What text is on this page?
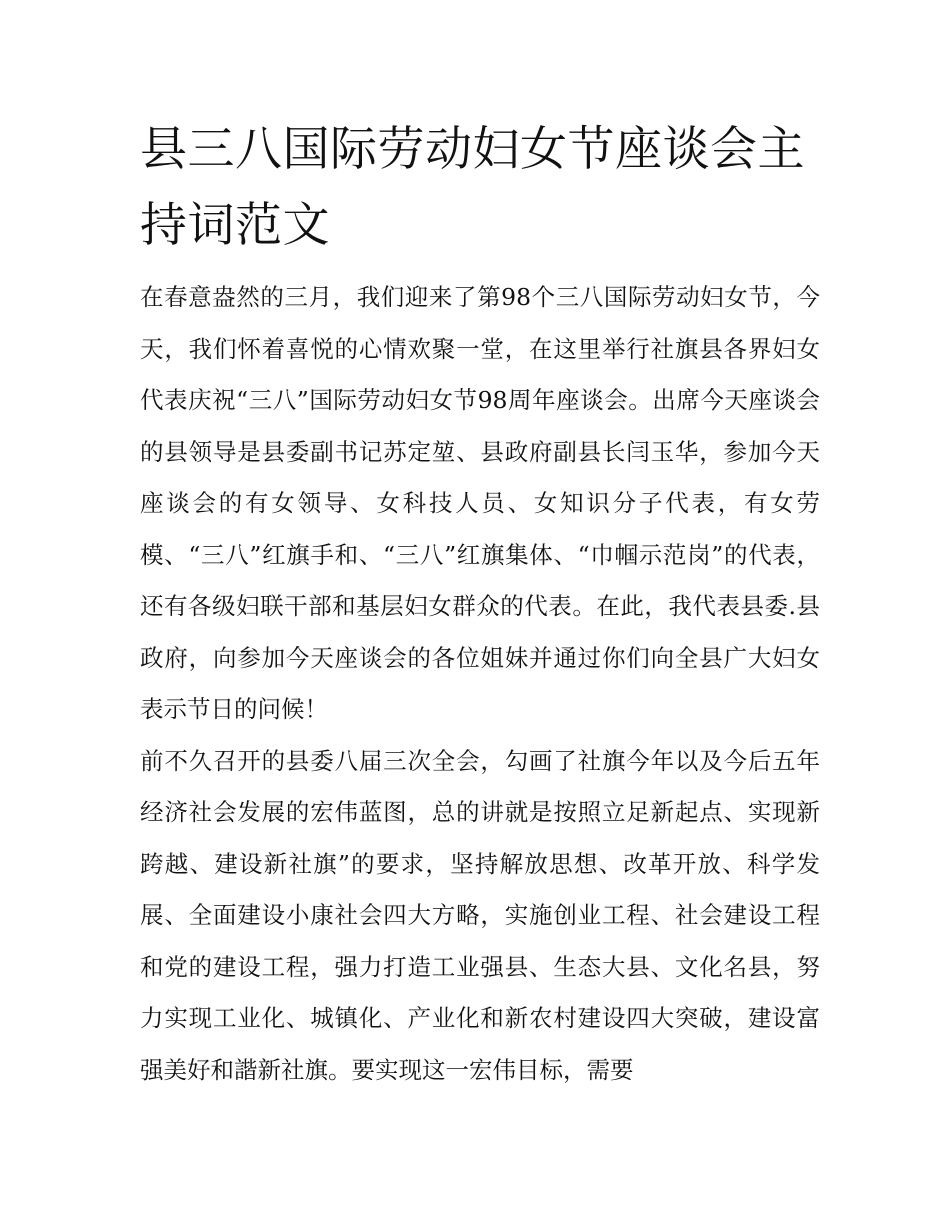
县三八国际劳动妇女节座谈会主持词范文

在春意盎然的三月，我们迎来了第98个三八国际劳动妇女节，今天，我们怀着喜悦的心情欢聚一堂，在这里举行社旗县各界妇女代表庆祝“三八”国际劳动妇女节98周年座谈会。出席今天座谈会的县领导是县委副书记苏定堃、县政府副县长闫玉华，参加今天座谈会的有女领导、女科技人员、女知识分子代表，有女劳模、“三八”红旗手和、“三八”红旗集体、“巾帼示范岗”的代表，还有各级妇联干部和基层妇女群众的代表。在此，我代表县委.县政府，向参加今天座谈会的各位姐妹并通过你们向全县广大妇女表示节日的问候！

前不久召开的县委八届三次全会，勾画了社旗今年以及今后五年经济社会发展的宏伟蓝图，总的讲就是按照立足新起点、实现新跨越、建设新社旗”的要求，坚持解放思想、改革开放、科学发展、全面建设小康社会四大方略，实施创业工程、社会建设工程和党的建设工程，强力打造工业强县、生态大县、文化名县，努力实现工业化、城镇化、产业化和新农村建设四大突破，建设富强美好和諧新社旗。要实现这一宏伟目标，需要
